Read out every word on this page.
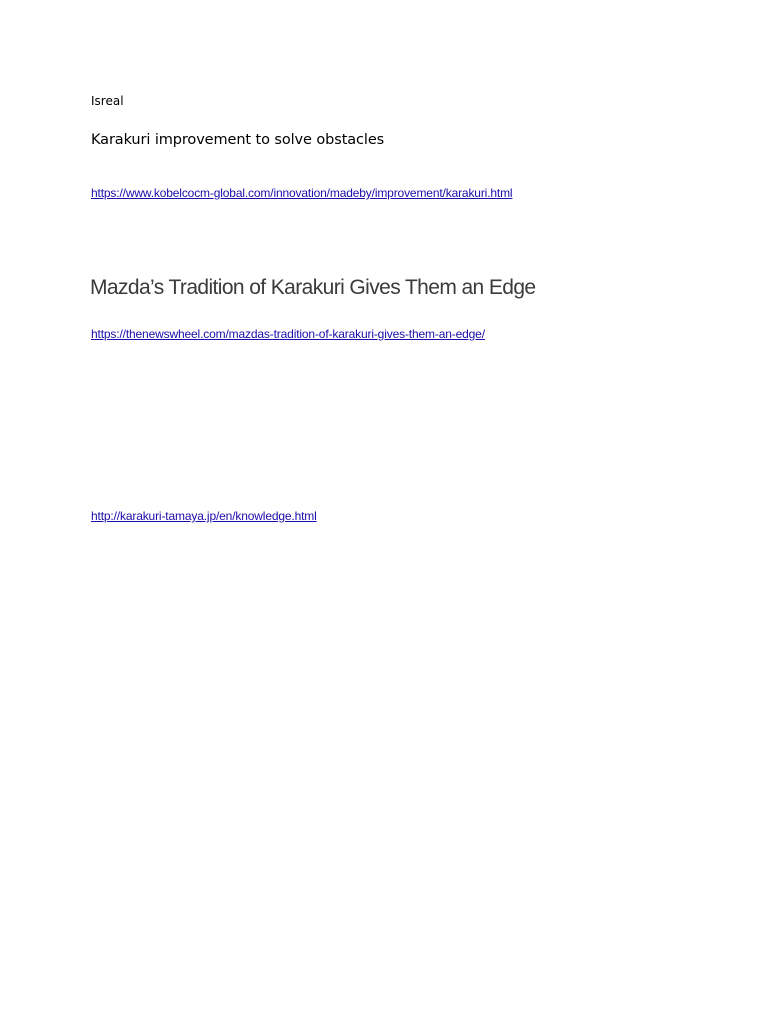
Isreal
Karakuri improvement to solve obstacles
https://www.kobelcocm-global.com/innovation/madeby/improvement/karakuri.html
Mazda’s Tradition of Karakuri Gives Them an Edge
https://thenewswheel.com/mazdas-tradition-of-karakuri-gives-them-an-edge/
http://karakuri-tamaya.jp/en/knowledge.html
